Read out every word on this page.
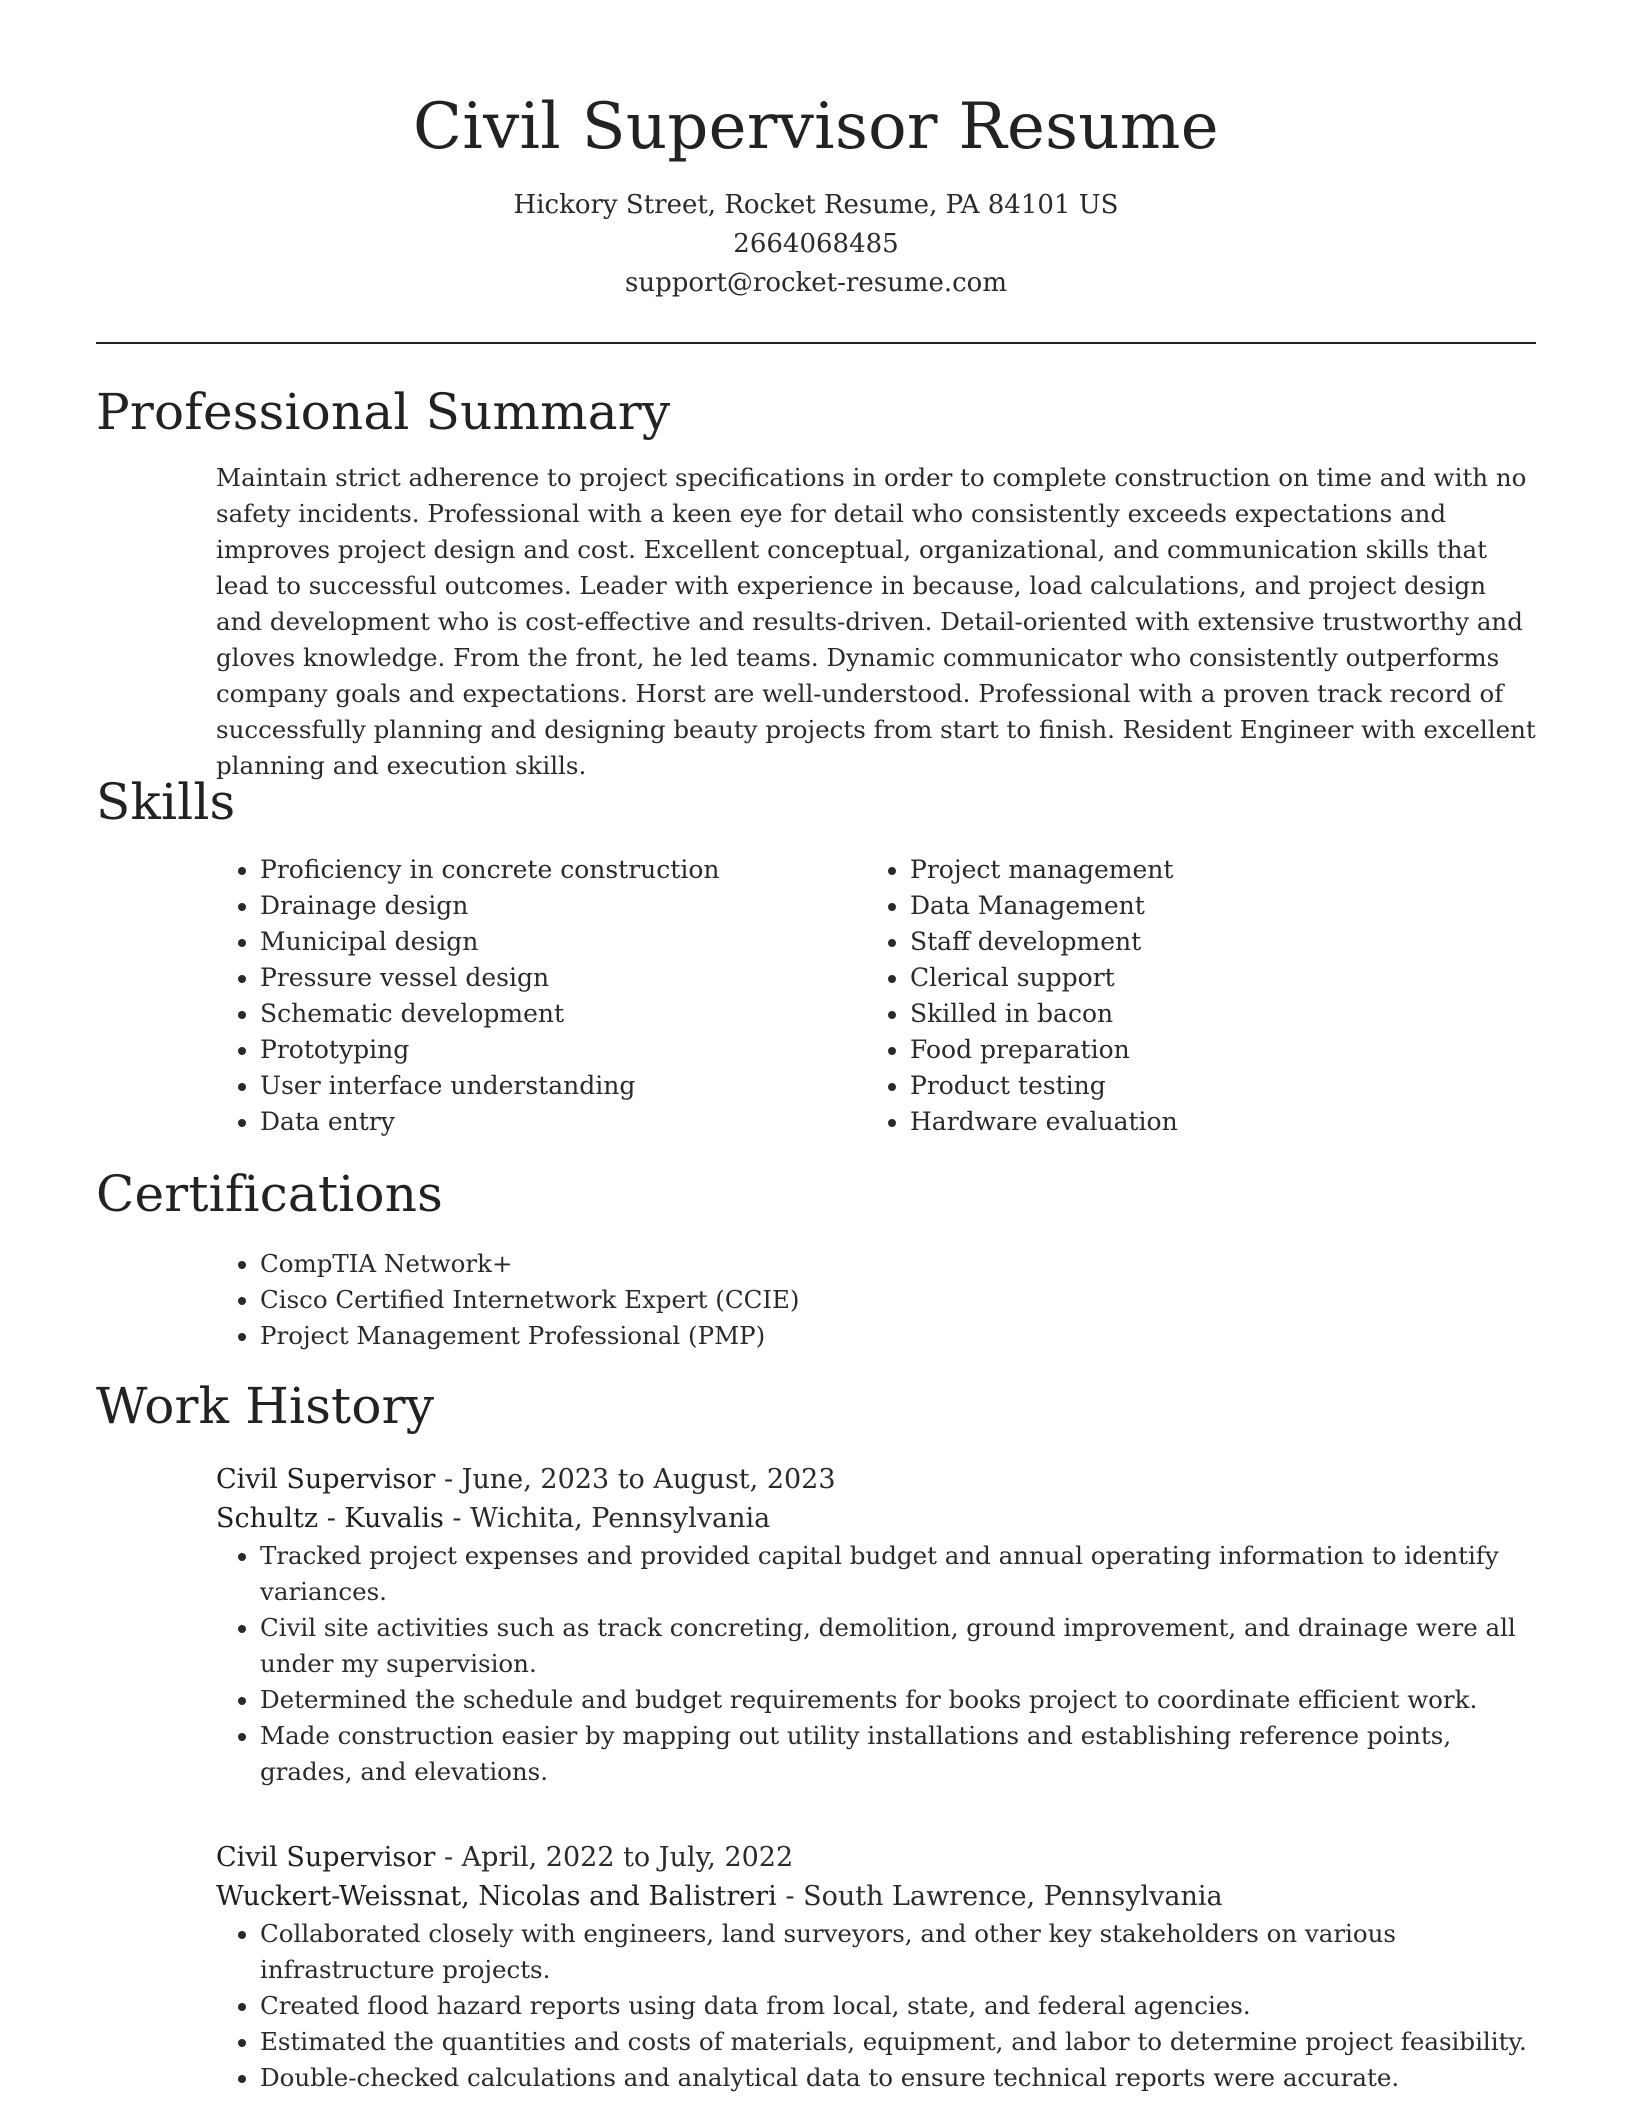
Civil Supervisor Resume
Hickory Street, Rocket Resume, PA 84101 US
2664068485
support@rocket-resume.com
Professional Summary

Maintain strict adherence to project specifications in order to complete construction on time and with no safety incidents. Professional with a keen eye for detail who consistently exceeds expectations and improves project design and cost. Excellent conceptual, organizational, and communication skills that lead to successful outcomes. Leader with experience in because, load calculations, and project design and development who is cost-effective and results-driven. Detail-oriented with extensive trustworthy and gloves knowledge. From the front, he led teams. Dynamic communicator who consistently outperforms company goals and expectations. Horst are well-understood. Professional with a proven track record of successfully planning and designing beauty projects from start to finish. Resident Engineer with excellent planning and execution skills.

Skills
• Proficiency in concrete construction
• Drainage design
• Municipal design
• Pressure vessel design
• Schematic development
• Prototyping
• User interface understanding
• Data entry
• Project management
• Data Management
• Staff development
• Clerical support
• Skilled in bacon
• Food preparation
• Product testing
• Hardware evaluation
Certifications
• CompTIA Network+
• Cisco Certified Internetwork Expert (CCIE)
• Project Management Professional (PMP)
Work History
Civil Supervisor - June, 2023 to August, 2023
Schultz - Kuvalis - Wichita, Pennsylvania
• Tracked project expenses and provided capital budget and annual operating information to identify variances.
• Civil site activities such as track concreting, demolition, ground improvement, and drainage were all under my supervision.
• Determined the schedule and budget requirements for books project to coordinate efficient work.
• Made construction easier by mapping out utility installations and establishing reference points, grades, and elevations.
Civil Supervisor - April, 2022 to July, 2022
Wuckert-Weissnat, Nicolas and Balistreri - South Lawrence, Pennsylvania
• Collaborated closely with engineers, land surveyors, and other key stakeholders on various infrastructure projects.
• Created flood hazard reports using data from local, state, and federal agencies.
• Estimated the quantities and costs of materials, equipment, and labor to determine project feasibility.
• Double-checked calculations and analytical data to ensure technical reports were accurate.
